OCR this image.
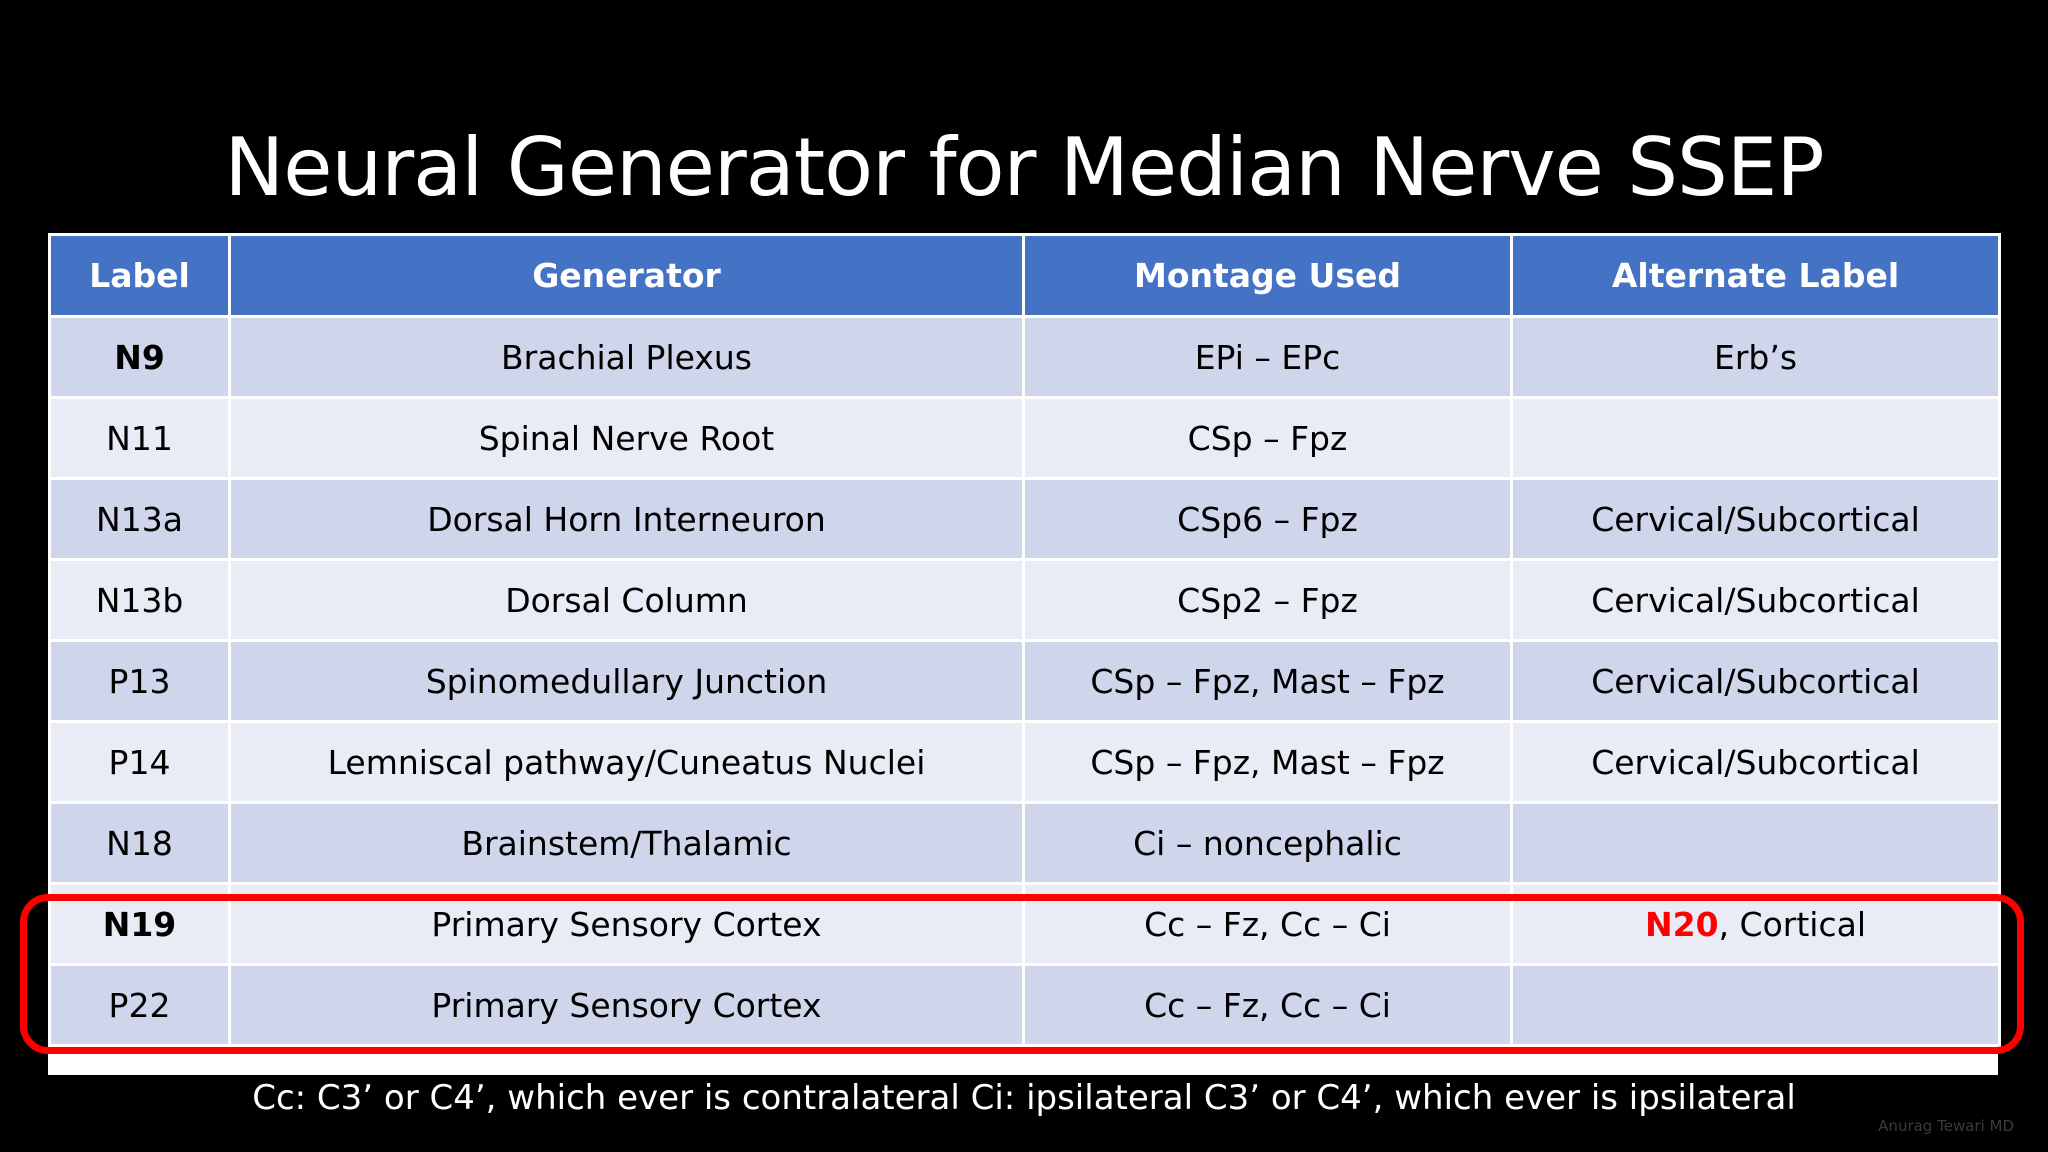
Neural Generator for Median Nerve SSEP
Label	Generator	Montage Used	Alternate Label
N9	Brachial Plexus	EPi – EPc	Erb’s
N11	Spinal Nerve Root	CSp – Fpz	
N13a	Dorsal Horn Interneuron	CSp6 – Fpz	Cervical/Subcortical
N13b	Dorsal Column	CSp2 – Fpz	Cervical/Subcortical
P13	Spinomedullary Junction	CSp – Fpz, Mast – Fpz	Cervical/Subcortical
P14	Lemniscal pathway/Cuneatus Nuclei	CSp – Fpz, Mast – Fpz	Cervical/Subcortical
N18	Brainstem/Thalamic	Ci – noncephalic	
N19	Primary Sensory Cortex	Cc – Fz, Cc – Ci	N20, Cortical
P22	Primary Sensory Cortex	Cc – Fz, Cc – Ci	
Cc: C3’ or C4’, which ever is contralateral Ci: ipsilateral C3’ or C4’, which ever is ipsilateral
Anurag Tewari MD
